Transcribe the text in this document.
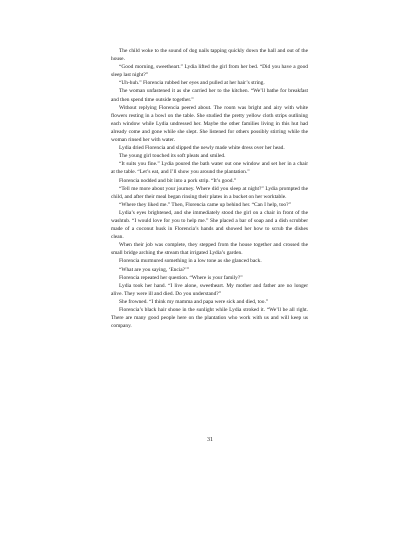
The child woke to the sound of dog nails tapping quickly down the hall and out of the house.

“Good morning, sweetheart.” Lydia lifted the girl from her bed. “Did you have a good sleep last night?”

“Uh-huh.” Florencia rubbed her eyes and pulled at her hair’s string.

The woman unfastened it as she carried her to the kitchen. “We’ll bathe for breakfast and then spend time outside together.”

Without replying Florencia peered about. The room was bright and airy with white flowers resting in a bowl on the table. She studied the pretty yellow cloth strips outlining each window while Lydia undressed her. Maybe the other families living in this hut had already come and gone while she slept. She listened for others possibly stirring while the woman rinsed her with water.

Lydia dried Florencia and slipped the newly made white dress over her head.

The young girl touched its soft pleats and smiled.

“It suits you fine.” Lydia poured the bath water out one window and set her in a chair at the table. “Let’s eat, and I’ll show you around the plantation.”

Florencia nodded and bit into a pork strip. “It’s good.”

“Tell me more about your journey. Where did you sleep at night?” Lydia prompted the child, and after their meal began rinsing their plates in a bucket on her worktable.

“Where they liked me.” Then, Florencia came up behind her. “Can I help, too?”

Lydia’s eyes brightened, and she immediately stood the girl on a chair in front of the washtub. “I would love for you to help me.” She placed a bar of soap and a dish scrubber made of a coconut husk in Florencia’s hands and showed her how to scrub the dishes clean.

When their job was complete, they stepped from the house together and crossed the small bridge arching the stream that irrigated Lydia’s garden.

Florencia murmured something in a low tone as she glanced back.

“What are you saying, ‘Encia?’”

Florencia repeated her question. “Where is your family?”

Lydia took her hand. “I live alone, sweetheart. My mother and father are no longer alive. They were ill and died. Do you understand?”

She frowned. “I think my mamma and papa were sick and died, too.”

Florencia’s black hair shone in the sunlight while Lydia stroked it. “We’ll be all right. There are many good people here on the plantation who work with us and will keep us company.

31
